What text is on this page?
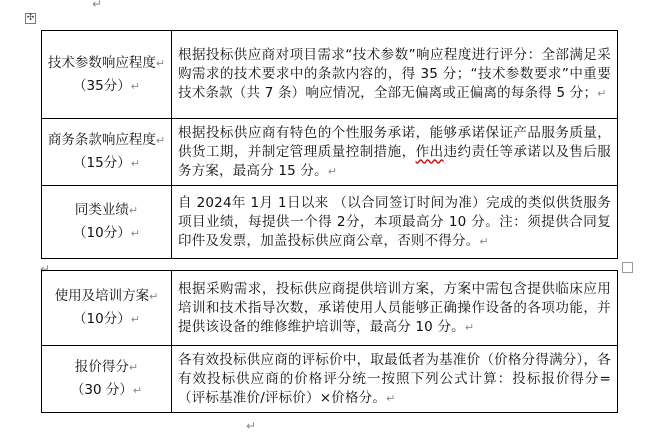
✣
↵
技术参数响应程度↵
（35分）↵	根据投标供应商对项目需求“技术参数”响应程度进行评分：全部满足采购需求的技术要求中的条款内容的，得 35 分；“技术参数要求”中重要技术条款（共 7 条）响应情况，全部无偏离或正偏离的每条得 5 分；↵

商务条款响应程度↵
（15分）↵	根据投标供应商有特色的个性服务承诺，能够承诺保证产品服务质量，供货工期，并制定管理质量控制措施，作出违约责任等承诺以及售后服务方案，最高分 15 分。↵

同类业绩↵
（10分）↵	自 2024年 1月 1日以来 （以合同签订时间为准）完成的类似供货服务项目业绩，每提供一个得 2分，本项最高分 10 分。注：须提供合同复印件及发票，加盖投标供应商公章，否则不得分。↵
↵
使用及培训方案↵
（10分）↵	根据采购需求，投标供应商提供培训方案，方案中需包含提供临床应用培训和技术指导次数，承诺使用人员能够正确操作设备的各项功能，并提供该设备的维修维护培训等，最高分 10 分。↵

报价得分↵
（30 分）↵	各有效投标供应商的评标价中，取最低者为基准价（价格分得满分），各有效投标供应商的价格评分统一按照下列公式计算：投标报价得分=（评标基准价/评标价）×价格分。↵
↵
